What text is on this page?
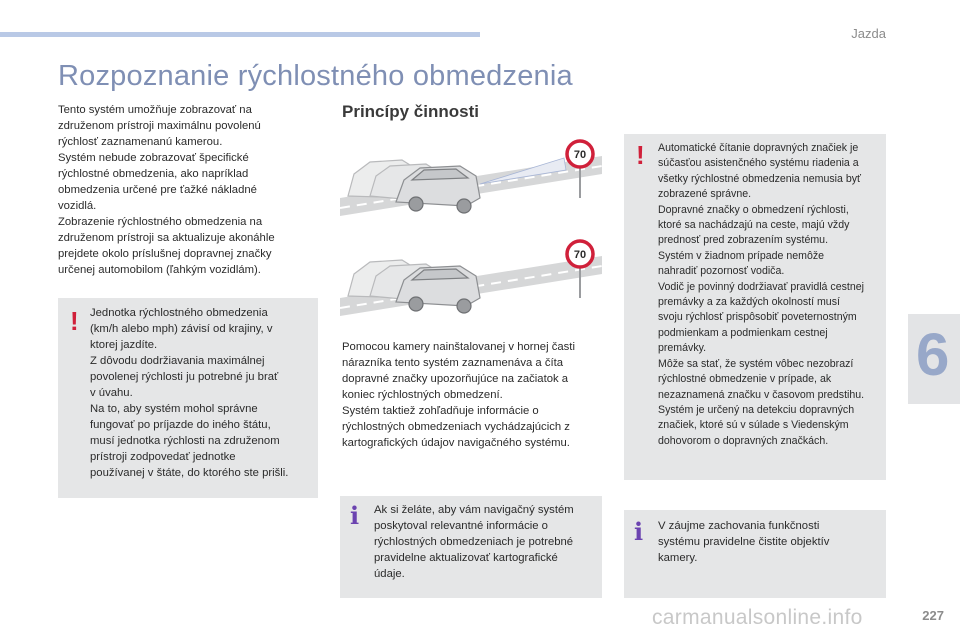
Jazda
Rozpoznanie rýchlostného obmedzenia

Tento systém umožňuje zobrazovať na

združenom prístroji maximálnu povolenú

rýchlosť zaznamenanú kamerou.

Systém nebude zobrazovať špecifické

rýchlostné obmedzenia, ako napríklad

obmedzenia určené pre ťažké nákladné

vozidlá.

Zobrazenie rýchlostného obmedzenia na

združenom prístroji sa aktualizuje akonáhle

prejdete okolo príslušnej dopravnej značky

určenej automobilom (ľahkým vozidlám).

! Jednotka rýchlostného obmedzenia

(km/h alebo mph) závisí od krajiny, v

ktorej jazdíte.

Z dôvodu dodržiavania maximálnej

povolenej rýchlosti ju potrebné ju brať

v úvahu.

Na to, aby systém mohol správne

fungovať po príjazde do iného štátu,

musí jednotka rýchlosti na združenom

prístroji zodpovedať jednotke

používanej v štáte, do ktorého ste prišli.

Princípy činnosti
70
70

Pomocou kamery nainštalovanej v hornej časti

nárazníka tento systém zaznamenáva a číta

dopravné značky upozorňujúce na začiatok a

koniec rýchlostných obmedzení.

Systém taktiež zohľadňuje informácie o

rýchlostných obmedzeniach vychádzajúcich z

kartografických údajov navigačného systému.

i Ak si želáte, aby vám navigačný systém

poskytoval relevantné informácie o

rýchlostných obmedzeniach je potrebné

pravidelne aktualizovať kartografické

údaje.

! Automatické čítanie dopravných značiek je

súčasťou asistenčného systému riadenia a

všetky rýchlostné obmedzenia nemusia byť

zobrazené správne.

Dopravné značky o obmedzení rýchlosti,

ktoré sa nachádzajú na ceste, majú vždy

prednosť pred zobrazením systému.

Systém v žiadnom prípade nemôže

nahradiť pozornosť vodiča.

Vodič je povinný dodržiavať pravidlá cestnej

premávky a za každých okolností musí

svoju rýchlosť prispôsobiť poveternostným

podmienkam a podmienkam cestnej

premávky.

Môže sa stať, že systém vôbec nezobrazí

rýchlostné obmedzenie v prípade, ak

nezaznamená značku v časovom predstihu.

Systém je určený na detekciu dopravných

značiek, ktoré sú v súlade s Viedenským

dohovorom o dopravných značkách.

i V záujme zachovania funkčnosti

systému pravidelne čistite objektív

kamery.

6
carmanualsonline.info	227
